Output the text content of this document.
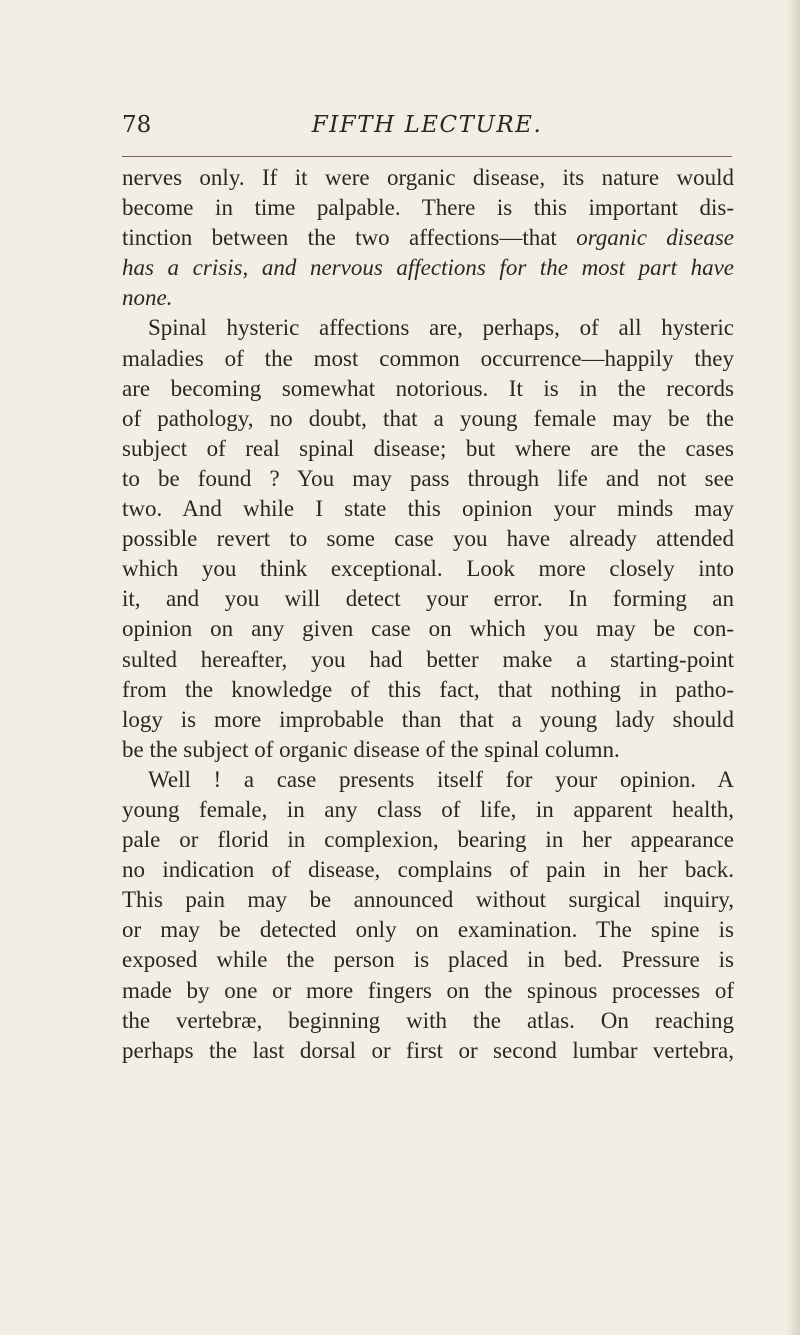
78	FIFTH LECTURE.
nerves only. If it were organic disease, its nature would
become in time palpable. There is this important dis-
tinction between the two affections—that organic disease
has a crisis, and nervous affections for the most part have
none.
Spinal hysteric affections are, perhaps, of all hysteric
maladies of the most common occurrence—happily they
are becoming somewhat notorious. It is in the records
of pathology, no doubt, that a young female may be the
subject of real spinal disease; but where are the cases
to be found ? You may pass through life and not see
two. And while I state this opinion your minds may
possible revert to some case you have already attended
which you think exceptional. Look more closely into
it, and you will detect your error. In forming an
opinion on any given case on which you may be con-
sulted hereafter, you had better make a starting-point
from the knowledge of this fact, that nothing in patho-
logy is more improbable than that a young lady should
be the subject of organic disease of the spinal column.
Well ! a case presents itself for your opinion. A
young female, in any class of life, in apparent health,
pale or florid in complexion, bearing in her appearance
no indication of disease, complains of pain in her back.
This pain may be announced without surgical inquiry,
or may be detected only on examination. The spine is
exposed while the person is placed in bed. Pressure is
made by one or more fingers on the spinous processes of
the vertebræ, beginning with the atlas. On reaching
perhaps the last dorsal or first or second lumbar vertebra,
